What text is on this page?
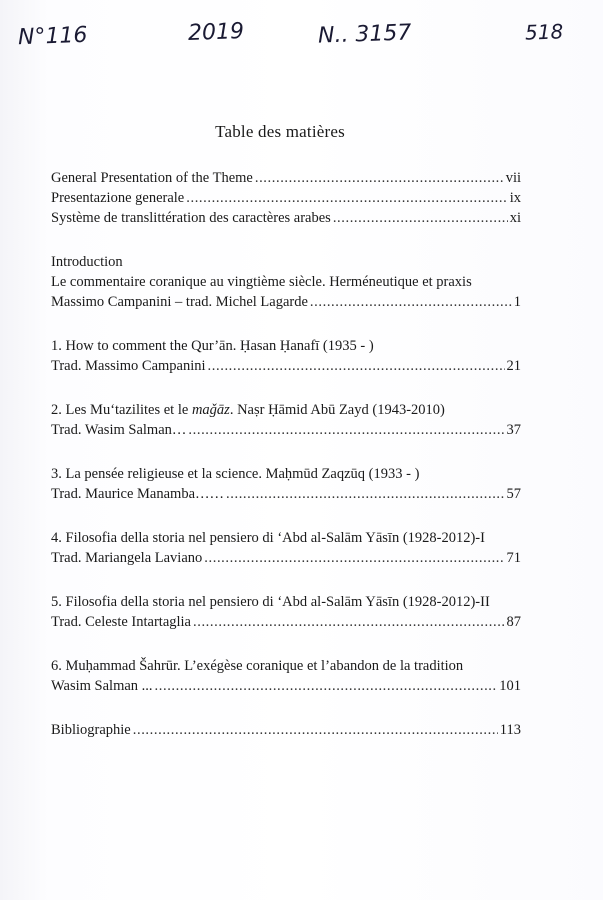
N°116	2019	N.. 3157	518
Table des matières
General Presentation of the Theme .....	vii
Presentazione generale .....	ix
Système de translittération des caractères arabes .....	xi
Introduction
Le commentaire coranique au vingtième siècle. Herméneutique et praxis
Massimo Campanini – trad. Michel Lagarde .....	1
1. How to comment the Qur’ān. Ḥasan Ḥanafī (1935 - )
Trad. Massimo Campanini .....	21
2. Les Mu‘tazilites et le maǧāz. Naṣr Ḥāmid Abū Zayd (1943-2010)
Trad. Wasim Salman… .....	37
3. La pensée religieuse et la science. Maḥmūd Zaqzūq (1933 - )
Trad. Maurice Manamba…… .....	57
4. Filosofia della storia nel pensiero di ‘Abd al-Salām Yāsīn (1928-2012)-I
Trad. Mariangela Laviano .....	71
5. Filosofia della storia nel pensiero di ‘Abd al-Salām Yāsīn (1928-2012)-II
Trad. Celeste Intartaglia .....	87
6. Muḥammad Šahrūr. L’exégèse coranique et l’abandon de la tradition
Wasim Salman ... .....	101
Bibliographie .....	113
